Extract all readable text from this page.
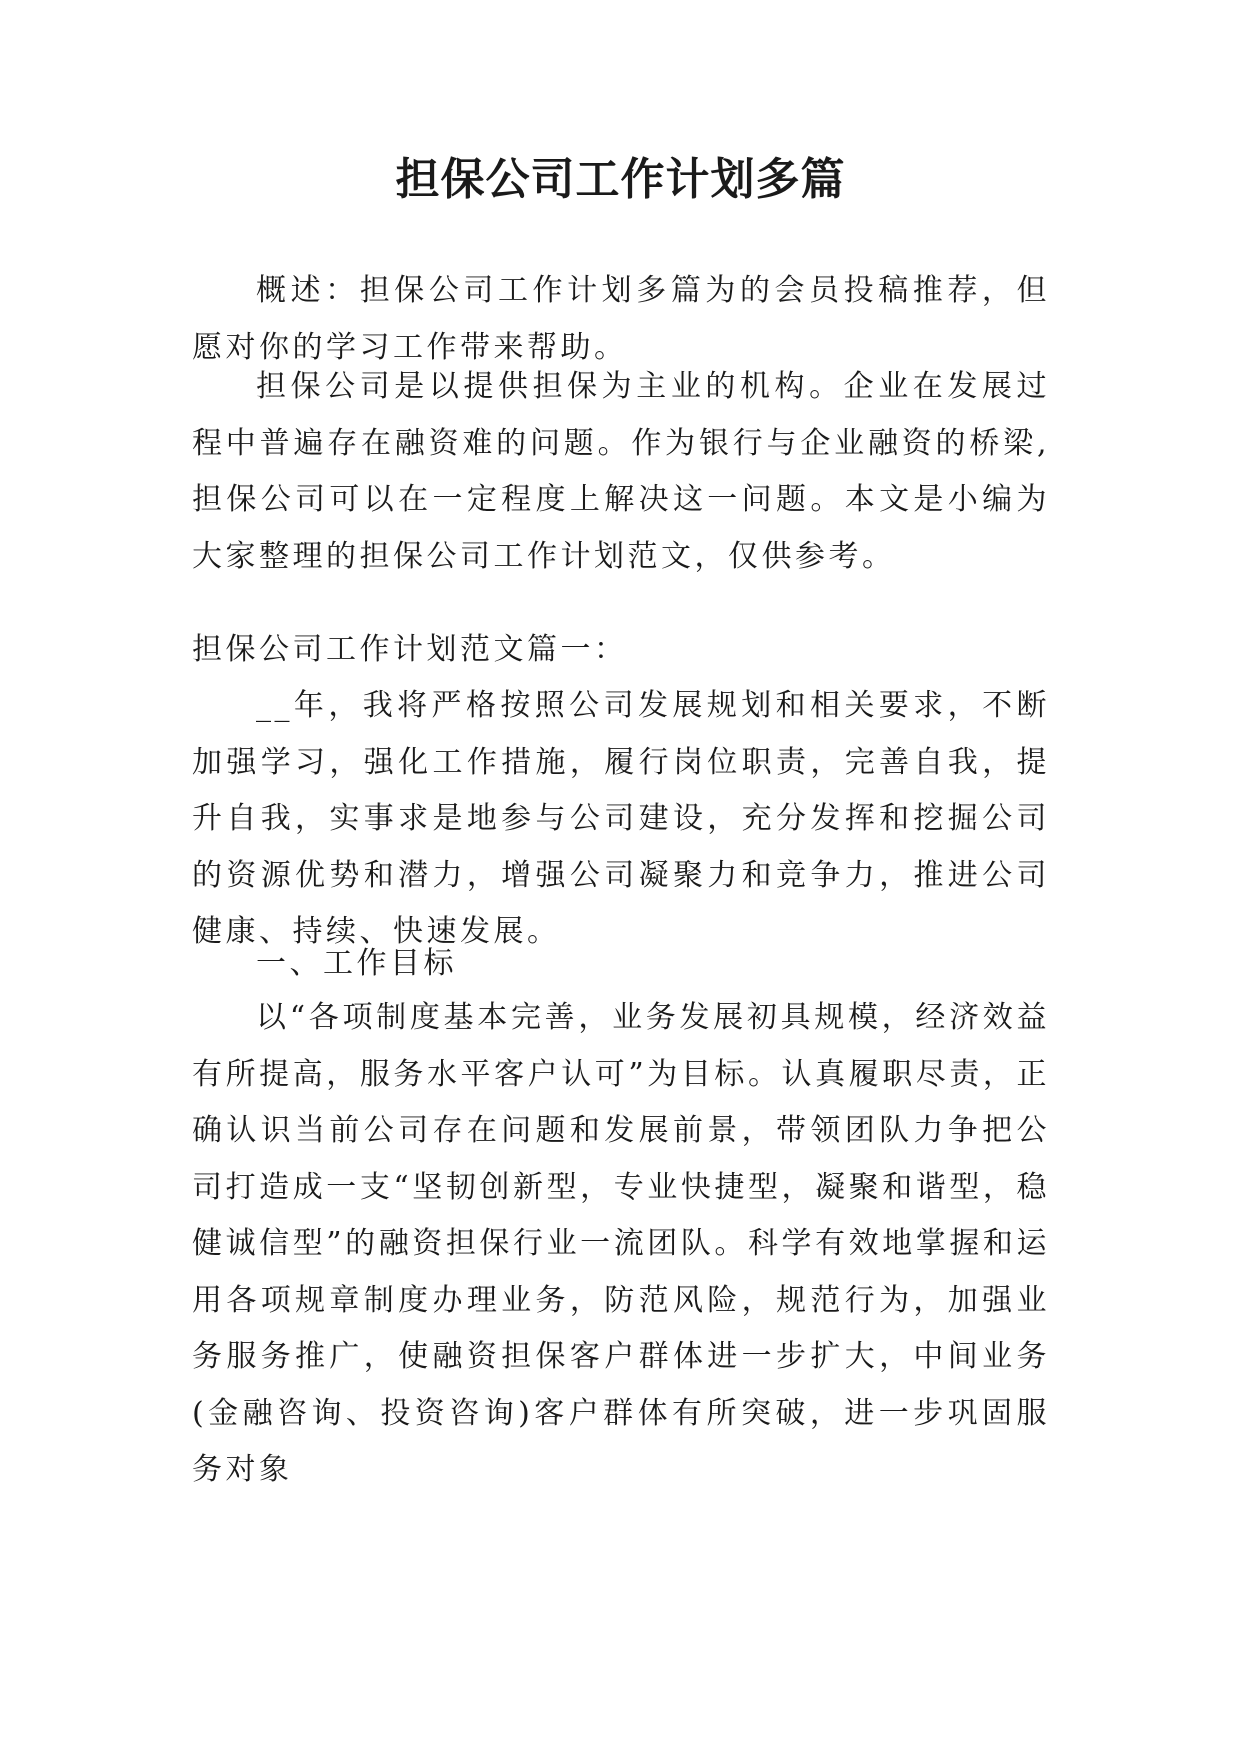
担保公司工作计划多篇

概述：担保公司工作计划多篇为的会员投稿推荐，但愿对你的学习工作带来帮助。

担保公司是以提供担保为主业的机构。企业在发展过程中普遍存在融资难的问题。作为银行与企业融资的桥梁,担保公司可以在一定程度上解决这一问题。本文是小编为大家整理的担保公司工作计划范文，仅供参考。

担保公司工作计划范文篇一：

__年，我将严格按照公司发展规划和相关要求，不断加强学习，强化工作措施，履行岗位职责，完善自我，提升自我，实事求是地参与公司建设，充分发挥和挖掘公司的资源优势和潜力，增强公司凝聚力和竞争力，推进公司健康、持续、快速发展。

一、工作目标

以“各项制度基本完善，业务发展初具规模，经济效益有所提高，服务水平客户认可”为目标。认真履职尽责，正确认识当前公司存在问题和发展前景，带领团队力争把公司打造成一支“坚韧创新型，专业快捷型，凝聚和谐型，稳健诚信型”的融资担保行业一流团队。科学有效地掌握和运用各项规章制度办理业务，防范风险，规范行为，加强业务服务推广，使融资担保客户群体进一步扩大，中间业务(金融咨询、投资咨询)客户群体有所突破，进一步巩固服务对象
